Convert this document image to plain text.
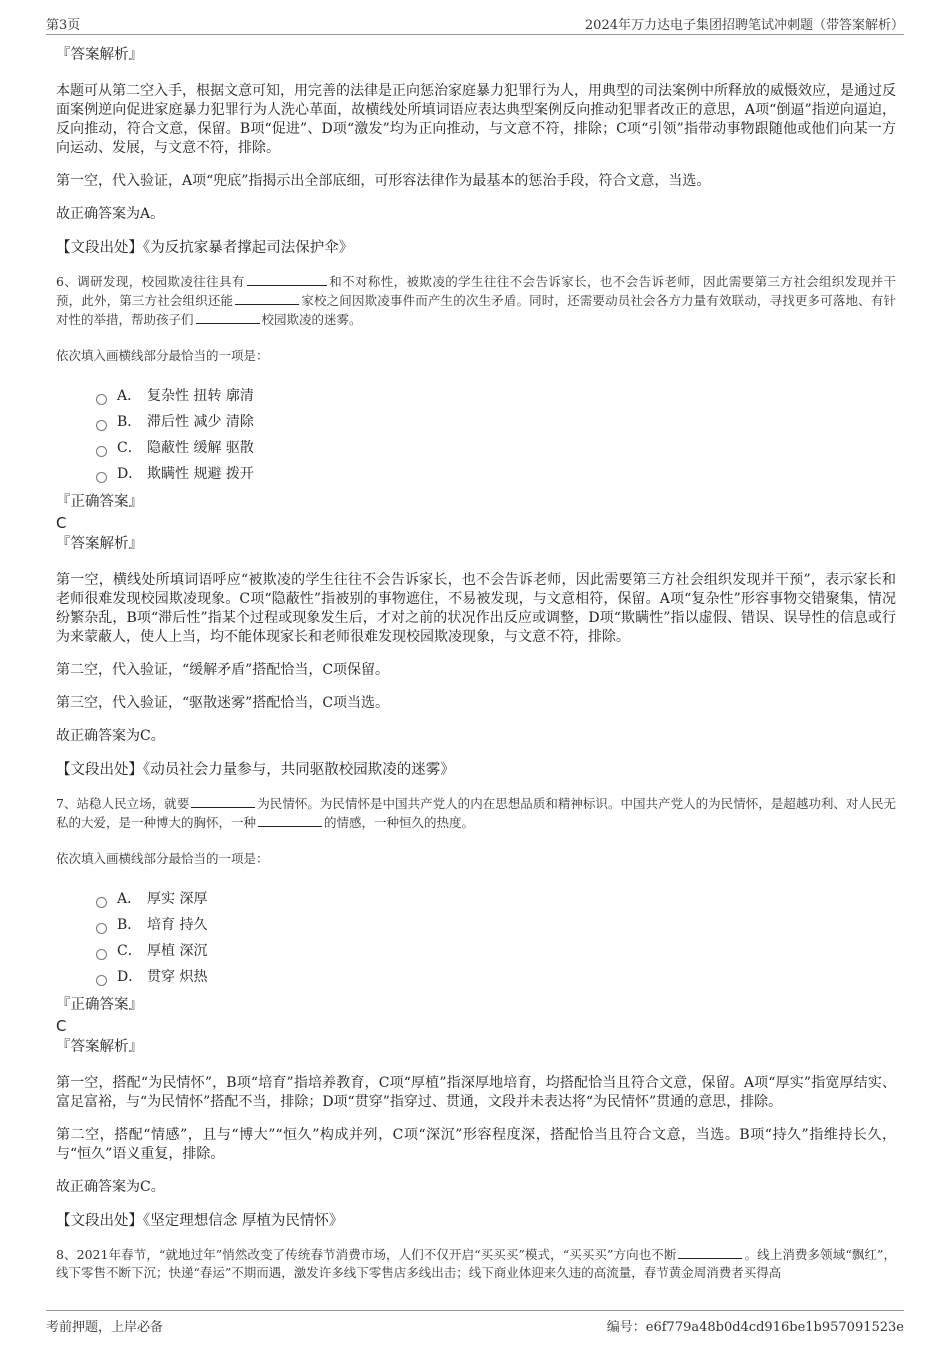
第3页	2024年万力达电子集团招聘笔试冲刺题（带答案解析）

『答案解析』

本题可从第二空入手，根据文意可知，用完善的法律是正向惩治家庭暴力犯罪行为人，用典型的司法案例中所释放的威慑效应，是通过反面案例逆向促进家庭暴力犯罪行为人洗心革面，故横线处所填词语应表达典型案例反向推动犯罪者改正的意思，A项“倒逼”指逆向逼迫，反向推动，符合文意，保留。B项“促进”、D项“激发”均为正向推动，与文意不符，排除；C项“引领”指带动事物跟随他或他们向某一方向运动、发展，与文意不符，排除。

第一空，代入验证，A项“兜底”指揭示出全部底细，可形容法律作为最基本的惩治手段，符合文意，当选。

故正确答案为A。

【文段出处】《为反抗家暴者撑起司法保护伞》

6、调研发现，校园欺凌往往具有	和不对称性，被欺凌的学生往往不会告诉家长，也不会告诉老师，因此需要第三方社会组织发现并干预，此外，第三方社会组织还能	家校之间因欺凌事件而产生的次生矛盾。同时，还需要动员社会各方力量有效联动，寻找更多可落地、有针对性的举措，帮助孩子们	校园欺凌的迷雾。

依次填入画横线部分最恰当的一项是：

A． 复杂性 扭转 廓清
B． 滞后性 减少 清除
C． 隐蔽性 缓解 驱散
D． 欺瞒性 规避 拨开

『正确答案』

C

『答案解析』

第一空，横线处所填词语呼应“被欺凌的学生往往不会告诉家长，也不会告诉老师，因此需要第三方社会组织发现并干预”，表示家长和老师很难发现校园欺凌现象。C项“隐蔽性”指被别的事物遮住，不易被发现，与文意相符，保留。A项“复杂性”形容事物交错聚集，情况纷繁杂乱，B项“滞后性”指某个过程或现象发生后，才对之前的状况作出反应或调整，D项“欺瞒性”指以虚假、错误、误导性的信息或行为来蒙蔽人，使人上当，均不能体现家长和老师很难发现校园欺凌现象，与文意不符，排除。

第二空，代入验证，“缓解矛盾”搭配恰当，C项保留。

第三空，代入验证，“驱散迷雾”搭配恰当，C项当选。

故正确答案为C。

【文段出处】《动员社会力量参与，共同驱散校园欺凌的迷雾》

7、站稳人民立场，就要	为民情怀。为民情怀是中国共产党人的内在思想品质和精神标识。中国共产党人的为民情怀，是超越功利、对人民无私的大爱，是一种博大的胸怀，一种	的情感，一种恒久的热度。

依次填入画横线部分最恰当的一项是：

A． 厚实 深厚
B． 培育 持久
C． 厚植 深沉
D． 贯穿 炽热

『正确答案』

C

『答案解析』

第一空，搭配“为民情怀”，B项“培育”指培养教育，C项“厚植”指深厚地培育，均搭配恰当且符合文意，保留。A项“厚实”指宽厚结实、富足富裕，与“为民情怀”搭配不当，排除；D项“贯穿”指穿过、贯通，文段并未表达将“为民情怀”贯通的意思，排除。

第二空，搭配“情感”，且与“博大”“恒久”构成并列，C项“深沉”形容程度深，搭配恰当且符合文意，当选。B项“持久”指维持长久，与“恒久”语义重复，排除。

故正确答案为C。

【文段出处】《坚定理想信念 厚植为民情怀》

8、2021年春节，“就地过年”悄然改变了传统春节消费市场，人们不仅开启“买买买”模式，“买买买”方向也不断	。线上消费多领域“飘红”，线下零售不断下沉；快递“春运”不期而遇，激发许多线下零售店多线出击；线下商业体迎来久违的高流量，春节黄金周消费者买得高

考前押题，上岸必备	编号：e6f779a48b0d4cd916be1b957091523e
